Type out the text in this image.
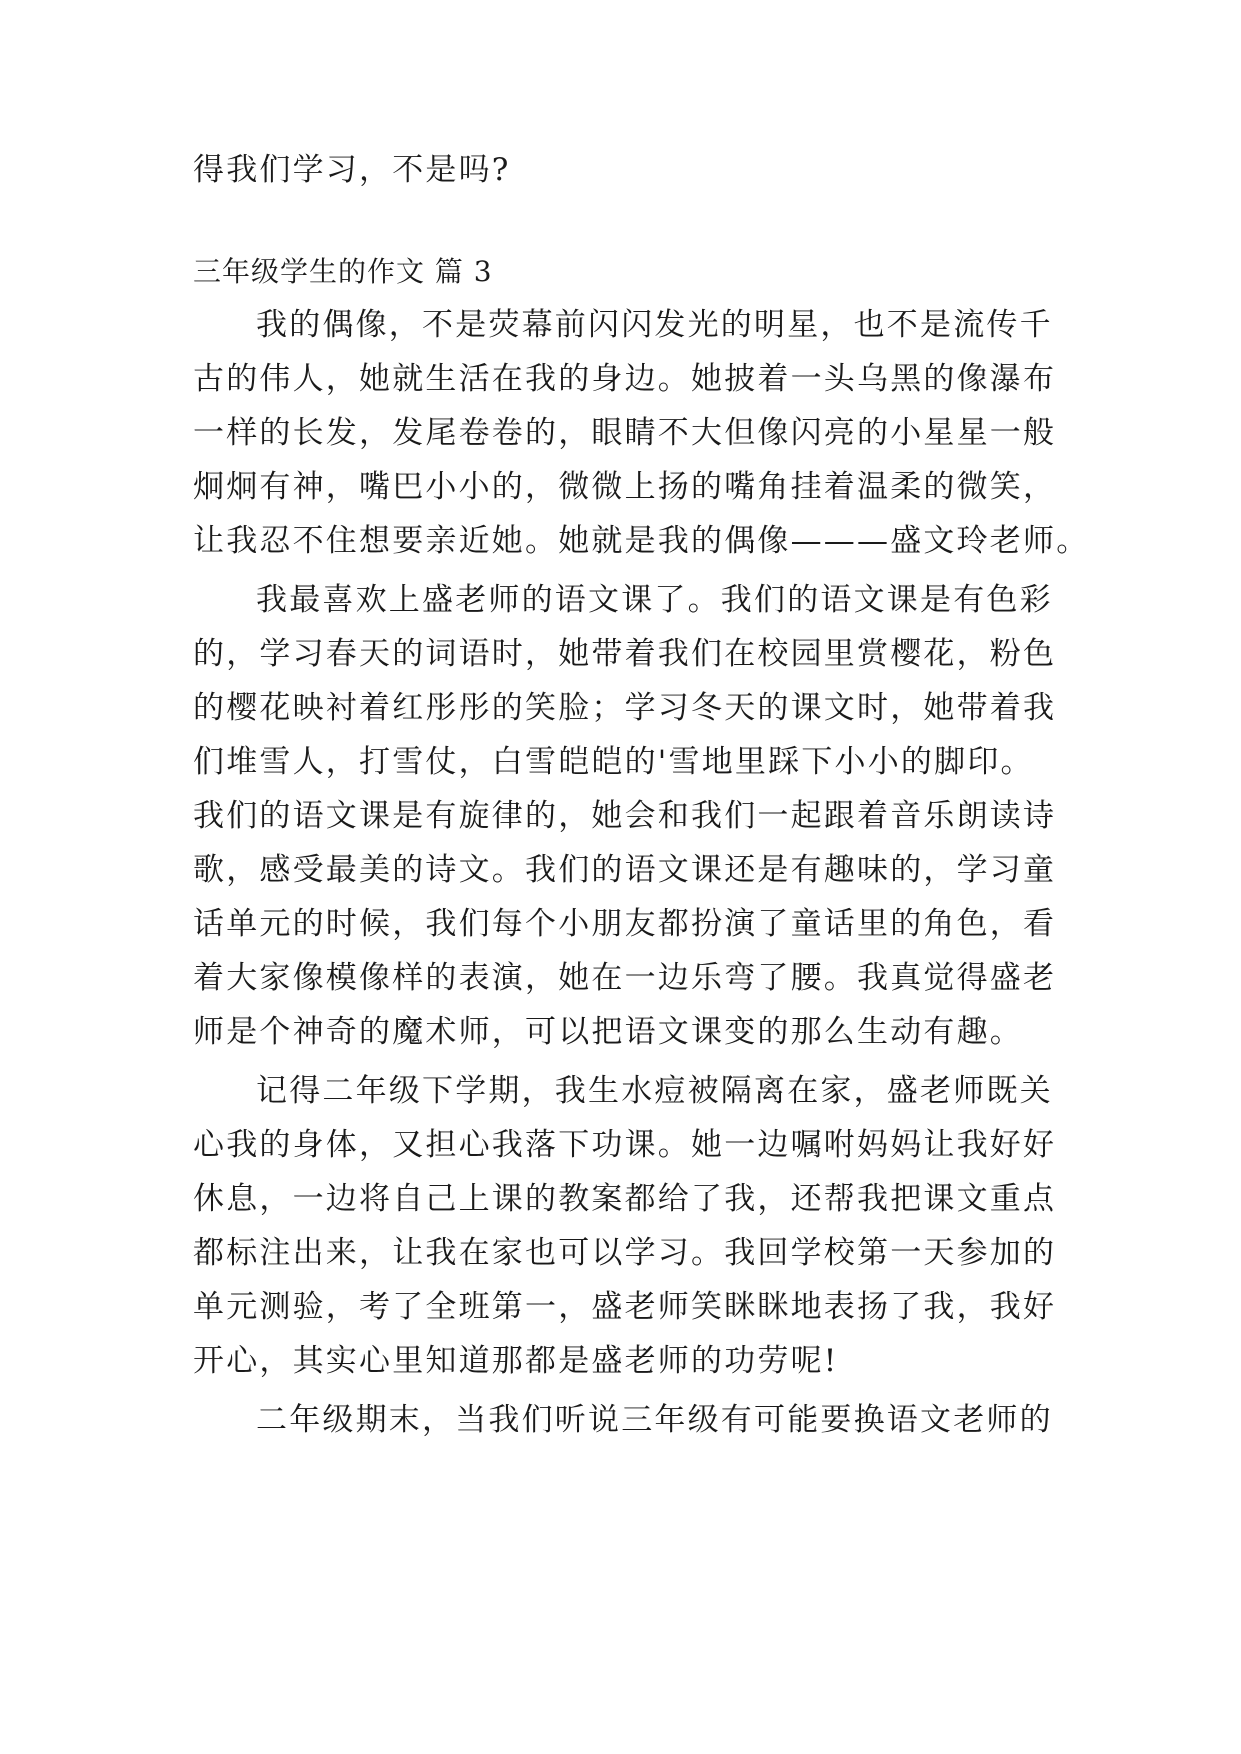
得我们学习，不是吗?
三年级学生的作文 篇 3
我的偶像，不是荧幕前闪闪发光的明星，也不是流传千
古的伟人，她就生活在我的身边。她披着一头乌黑的像瀑布
一样的长发，发尾卷卷的，眼睛不大但像闪亮的小星星一般
炯炯有神，嘴巴小小的，微微上扬的嘴角挂着温柔的微笑，
让我忍不住想要亲近她。她就是我的偶像———盛文玲老师。
我最喜欢上盛老师的语文课了。我们的语文课是有色彩
的，学习春天的词语时，她带着我们在校园里赏樱花，粉色
的樱花映衬着红彤彤的笑脸；学习冬天的课文时，她带着我
们堆雪人，打雪仗，白雪皑皑的'雪地里踩下小小的脚印。
我们的语文课是有旋律的，她会和我们一起跟着音乐朗读诗
歌，感受最美的诗文。我们的语文课还是有趣味的，学习童
话单元的时候，我们每个小朋友都扮演了童话里的角色，看
着大家像模像样的表演，她在一边乐弯了腰。我真觉得盛老
师是个神奇的魔术师，可以把语文课变的那么生动有趣。
记得二年级下学期，我生水痘被隔离在家，盛老师既关
心我的身体，又担心我落下功课。她一边嘱咐妈妈让我好好
休息，一边将自己上课的教案都给了我，还帮我把课文重点
都标注出来，让我在家也可以学习。我回学校第一天参加的
单元测验，考了全班第一，盛老师笑眯眯地表扬了我，我好
开心，其实心里知道那都是盛老师的功劳呢!
二年级期末，当我们听说三年级有可能要换语文老师的
